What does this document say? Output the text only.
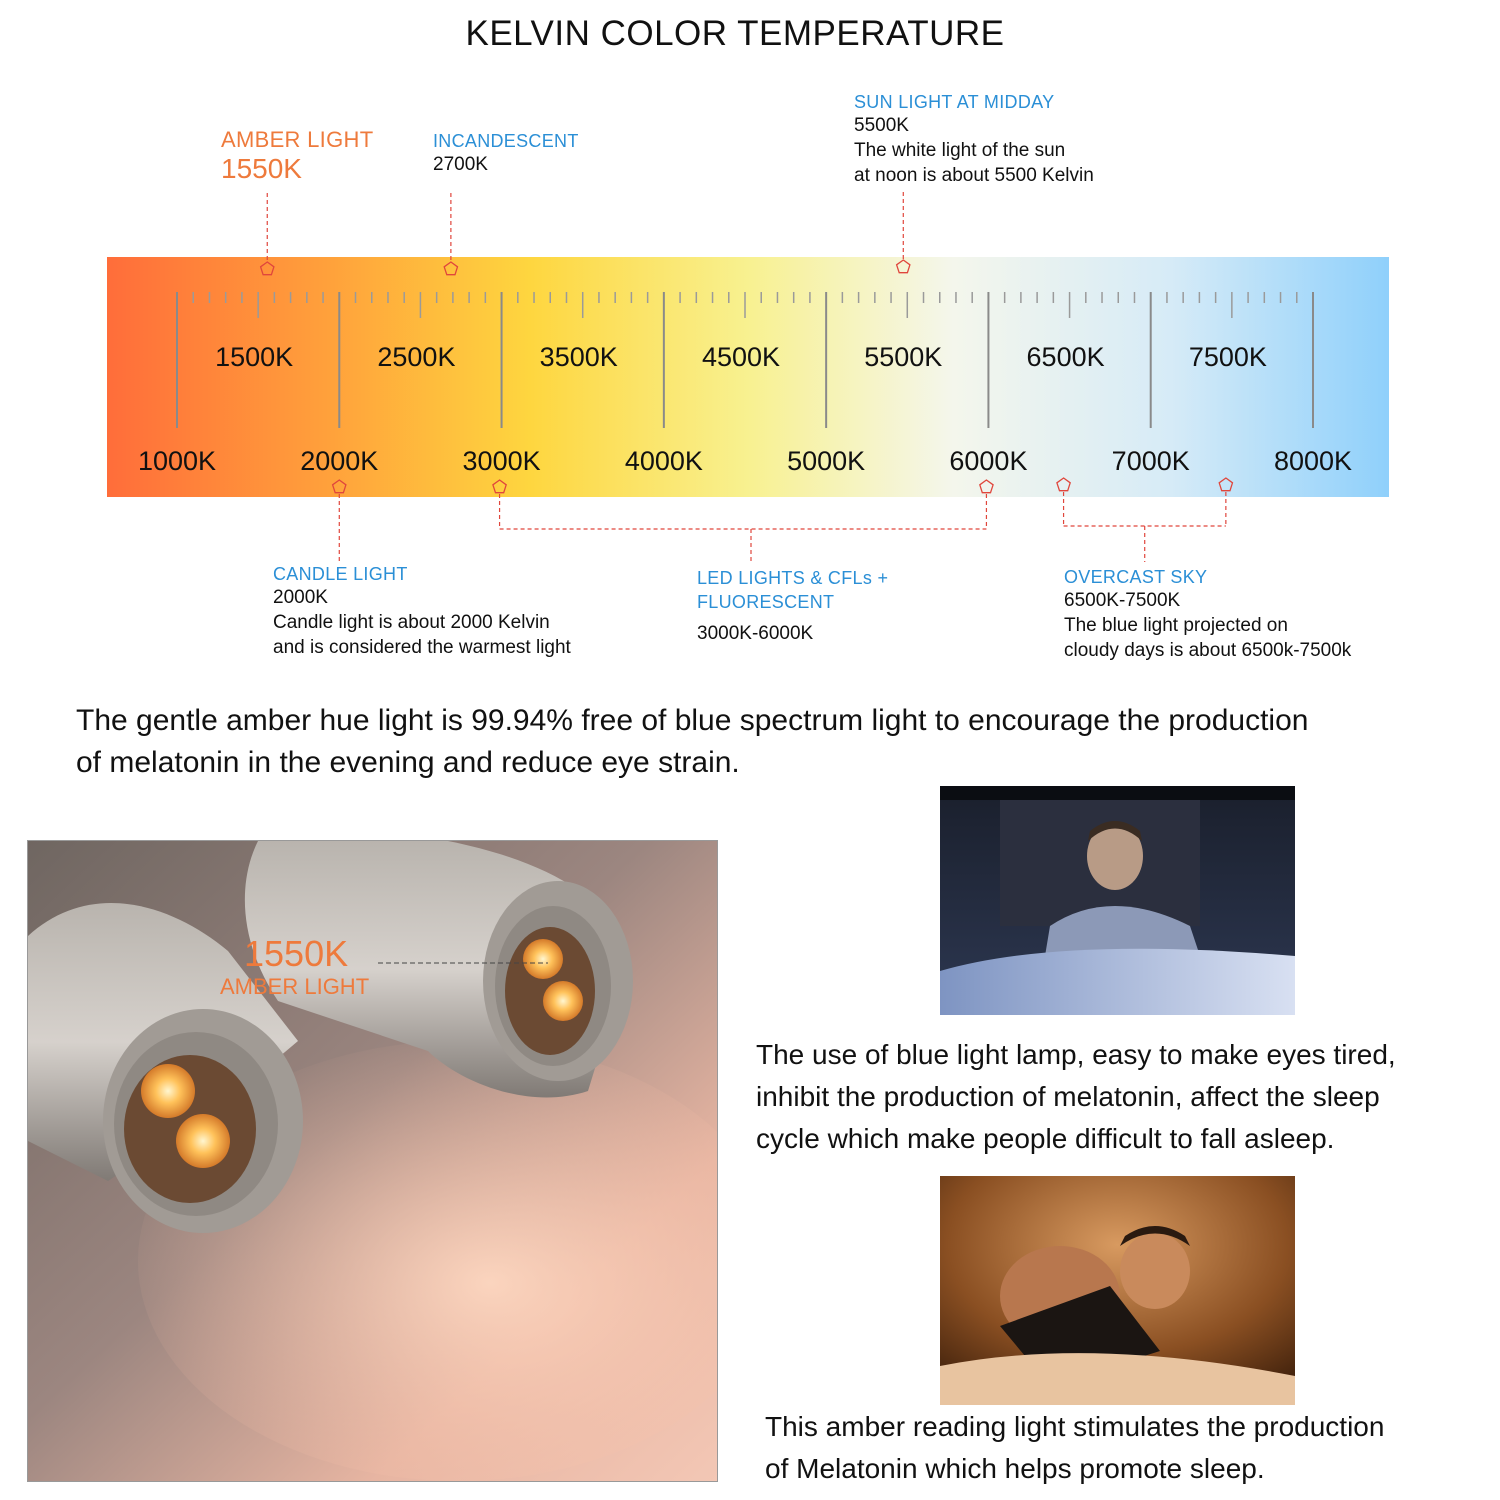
KELVIN COLOR TEMPERATURE
AMBER LIGHT
1550K
INCANDESCENT
2700K
SUN LIGHT AT MIDDAY
5500K
The white light of the sun
at noon is about 5500 Kelvin
1500K	2500K	3500K	4500K	5500K	6500K	7500K
1000K	2000K	3000K	4000K	5000K	6000K	7000K	8000K
CANDLE LIGHT
2000K
Candle light is about 2000 Kelvin
and is considered the warmest light
LED LIGHTS & CFLs +
FLUORESCENT
3000K-6000K
OVERCAST SKY
6500K-7500K
The blue light projected on
cloudy days is about 6500k-7500k
The gentle amber hue light is 99.94% free of blue spectrum light to encourage the production
of melatonin in the evening and reduce eye strain.
1550K
AMBER LIGHT
The use of blue light lamp, easy to make eyes tired,
inhibit the production of melatonin, affect the sleep
cycle which make people difficult to fall asleep.
This amber reading light stimulates the production
of Melatonin which helps promote sleep.
